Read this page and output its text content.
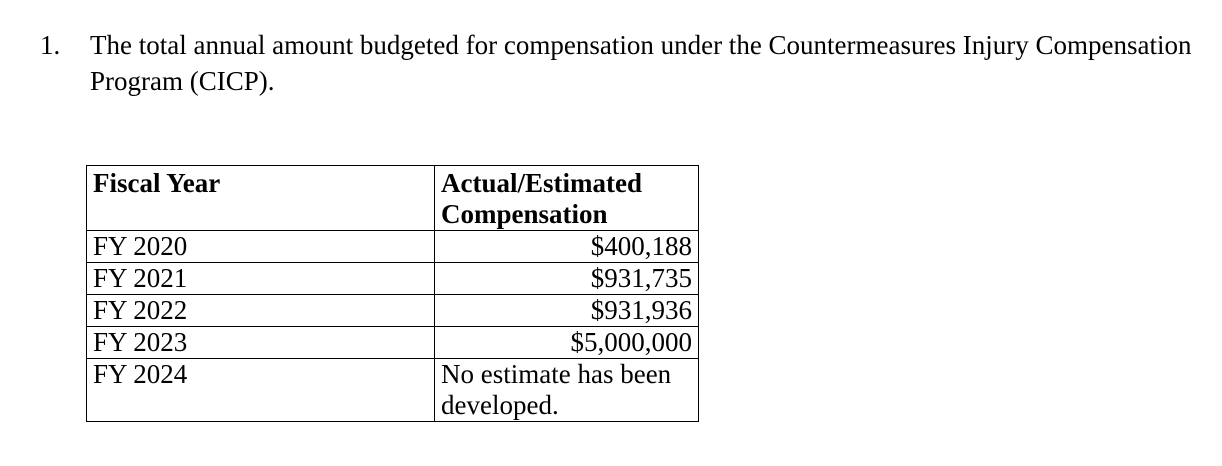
1. The total annual amount budgeted for compensation under the Countermeasures Injury Compensation Program (CICP).
Fiscal Year	Actual/Estimated Compensation
FY 2020	$400,188
FY 2021	$931,735
FY 2022	$931,936
FY 2023	$5,000,000
FY 2024	No estimate has been developed.
